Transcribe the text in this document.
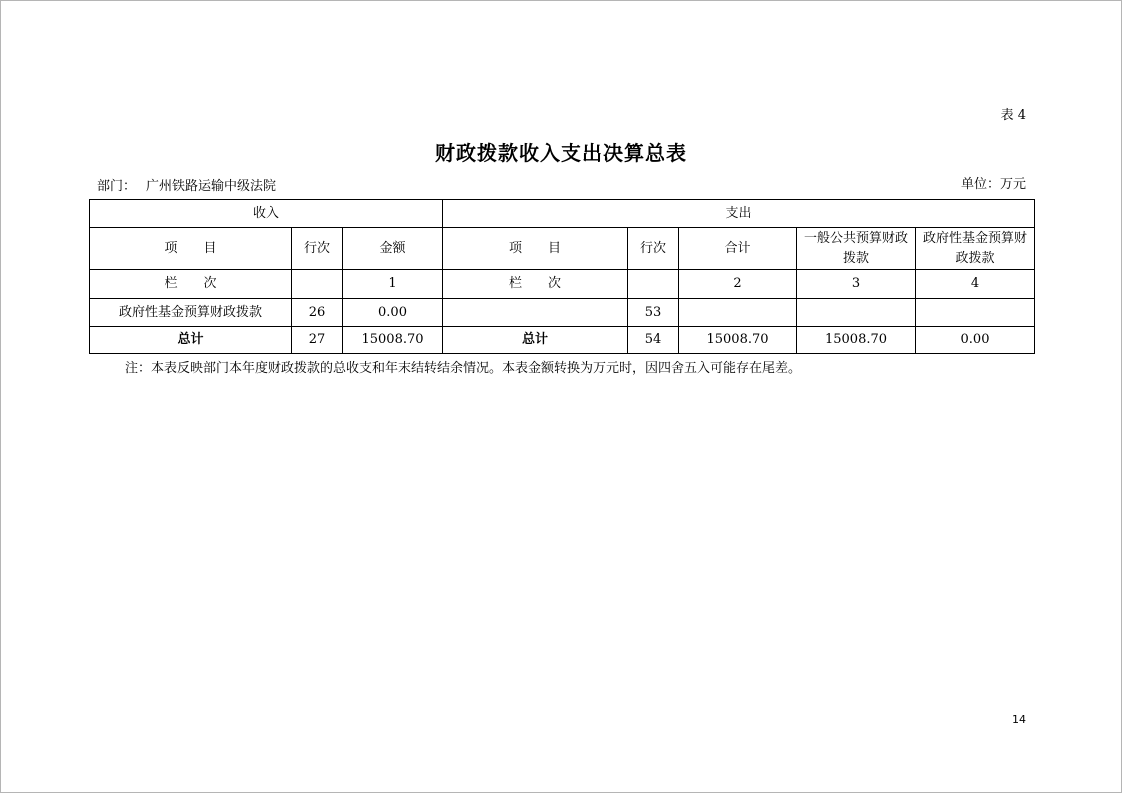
表 4
财政拨款收入支出决算总表
部门： 广州铁路运输中级法院	单位：万元
收入			支出				
项　　目	行次	金额	项　　目	行次	合计	一般公共预算财政拨款	政府性基金预算财政拨款
栏　　次		1	栏　　次		2	3	4
政府性基金预算财政拨款	26	0.00		53			
总计	27	15008.70	总计	54	15008.70	15008.70	0.00
注：本表反映部门本年度财政拨款的总收支和年末结转结余情况。本表金额转换为万元时，因四舍五入可能存在尾差。
14
